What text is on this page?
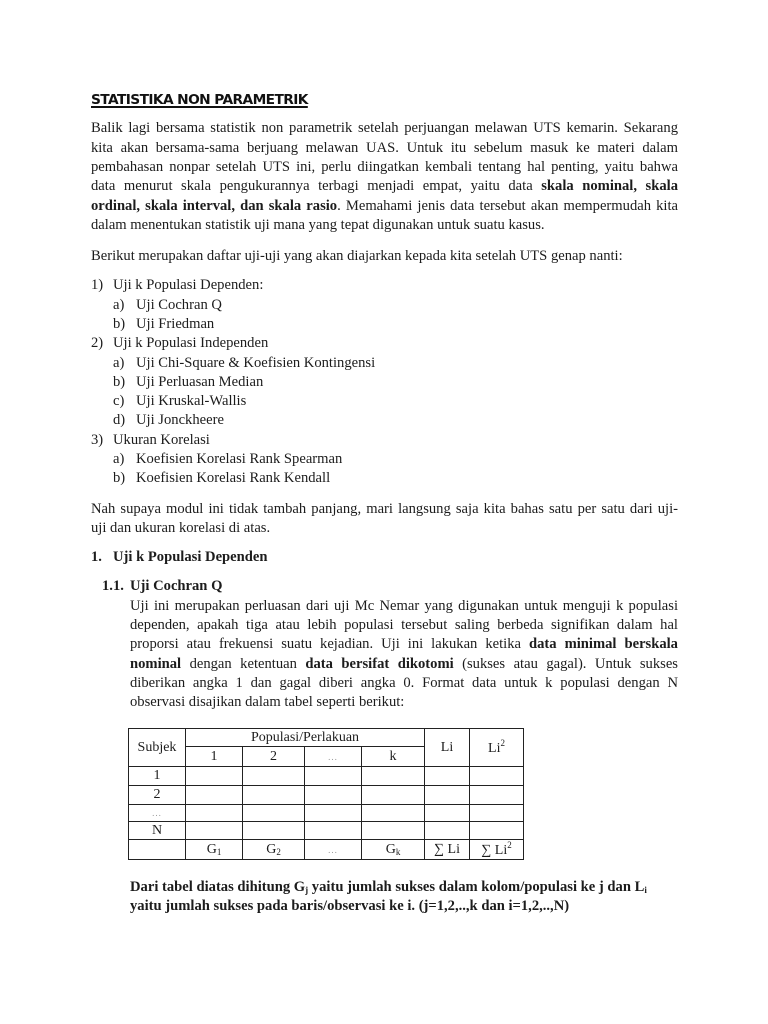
STATISTIKA NON PARAMETRIK
Balik lagi bersama statistik non parametrik setelah perjuangan melawan UTS kemarin. Sekarang
kita akan bersama-sama berjuang melawan UAS. Untuk itu sebelum masuk ke materi dalam
pembahasan nonpar setelah UTS ini, perlu diingatkan kembali tentang hal penting, yaitu bahwa
data menurut skala pengukurannya terbagi menjadi empat, yaitu data skala nominal, skala
ordinal, skala interval, dan skala rasio. Memahami jenis data tersebut akan mempermudah kita
dalam menentukan statistik uji mana yang tepat digunakan untuk suatu kasus.
Berikut merupakan daftar uji-uji yang akan diajarkan kepada kita setelah UTS genap nanti:
1) Uji k Populasi Dependen:
a) Uji Cochran Q
b) Uji Friedman
2) Uji k Populasi Independen
a) Uji Chi-Square & Koefisien Kontingensi
b) Uji Perluasan Median
c) Uji Kruskal-Wallis
d) Uji Jonckheere
3) Ukuran Korelasi
a) Koefisien Korelasi Rank Spearman
b) Koefisien Korelasi Rank Kendall
Nah supaya modul ini tidak tambah panjang, mari langsung saja kita bahas satu per satu dari uji-
uji dan ukuran korelasi di atas.
1. Uji k Populasi Dependen
1.1. Uji Cochran Q
Uji ini merupakan perluasan dari uji Mc Nemar yang digunakan untuk menguji k populasi
dependen, apakah tiga atau lebih populasi tersebut saling berbeda signifikan dalam hal
proporsi atau frekuensi suatu kejadian. Uji ini lakukan ketika data minimal berskala
nominal dengan ketentuan data bersifat dikotomi (sukses atau gagal). Untuk sukses
diberikan angka 1 dan gagal diberi angka 0. Format data untuk k populasi dengan N
observasi disajikan dalam tabel seperti berikut:
Subjek	Populasi/Perlakuan				Li	Li$^2$
	1	2	...	k		
1						
2						
...						
N						
	$G_1$	$G_2$	...	$G_k$	∑ Li	∑ Li$^2$
Dari tabel diatas dihitung $G_j$ yaitu jumlah sukses dalam kolom/populasi ke j dan $L_i$
yaitu jumlah sukses pada baris/observasi ke i. (j=1,2,..,k dan i=1,2,..,N)
